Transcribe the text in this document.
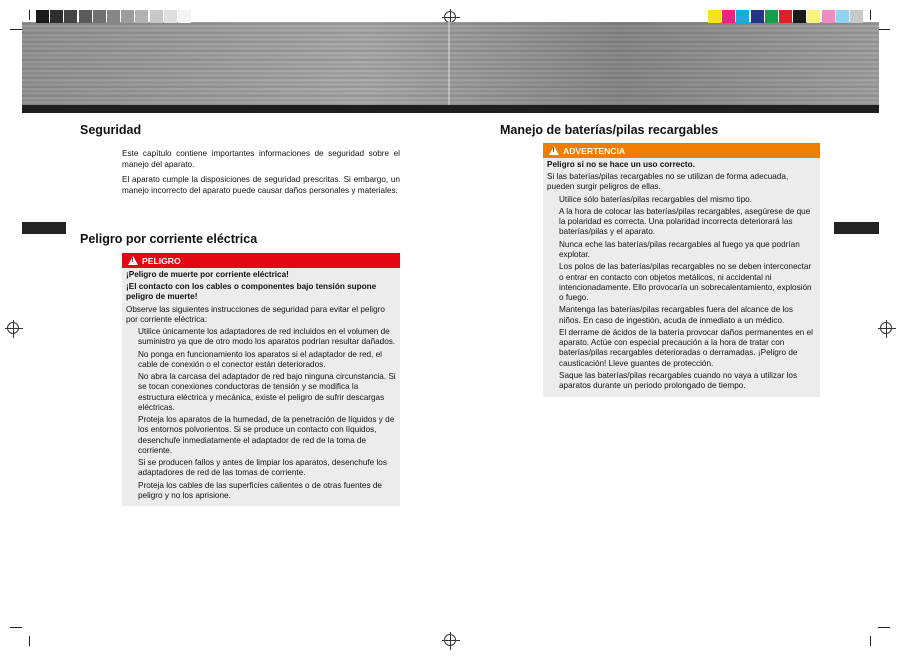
Seguridad

Este capítulo contiene importantes informaciones de seguridad sobre el manejo del aparato.

El aparato cumple la disposiciones de seguridad prescritas. Si embargo, un manejo incorrecto del aparato puede causar daños personales y materiales.

Peligro por corriente eléctrica
! PELIGRO

¡Peligro de muerte por corriente eléctrica!

¡El contacto con los cables o componentes bajo tensión supone peligro de muerte!

Observe las siguientes instrucciones de seguridad para evitar el peligro por corriente eléctrica:

Utilice únicamente los adaptadores de red incluidos en el volumen de suministro ya que de otro modo los aparatos podrían resultar dañados.
No ponga en funcionamiento los aparatos si el adaptador de red, el cable de conexión o el conector están deteriorados.
No abra la carcasa del adaptador de red bajo ninguna circunstancia. Si se tocan conexiones conductoras de tensión y se modifica la estructura eléctrica y mecánica, existe el peligro de sufrir descargas eléctricas.
Proteja los aparatos de la humedad, de la penetración de líquidos y de los entornos polvorientos. Si se produce un contacto con líquidos, desenchufe inmediatamente el adaptador de red de la toma de corriente.
Si se producen fallos y antes de limpiar los aparatos, desenchufe los adaptadores de red de las tomas de corriente.
Proteja los cables de las superficies calientes o de otras fuentes de peligro y no los aprisione.
Manejo de baterías/pilas recargables
! ADVERTENCIA

Peligro si no se hace un uso correcto.

Si las baterías/pilas recargables no se utilizan de forma adecuada, pueden surgir peligros de ellas.

Utilice sólo baterías/pilas recargables del mismo tipo.
A la hora de colocar las baterías/pilas recargables, asegúrese de que la polaridad es correcta. Una polaridad incorrecta deteriorará las baterías/pilas y el aparato.
Nunca eche las baterías/pilas recargables al fuego ya que podrían explotar.
Los polos de las baterías/pilas recargables no se deben interconectar o entrar en contacto con objetos metálicos, ni accidental ni intencionadamente. Ello provocaría un sobrecalentamiento, explosión o fuego.
Mantenga las baterías/pilas recargables fuera del alcance de los niños. En caso de ingestión, acuda de inmediato a un médico.
El derrame de ácidos de la batería provocar daños permanentes en el aparato. Actúe con especial precaución a la hora de tratar con baterías/pilas recargables deterioradas o derramadas. ¡Peligro de causticación! Lleve guantes de protección.
Saque las baterías/pilas recargables cuando no vaya a utilizar los aparatos durante un periodo prolongado de tiempo.
